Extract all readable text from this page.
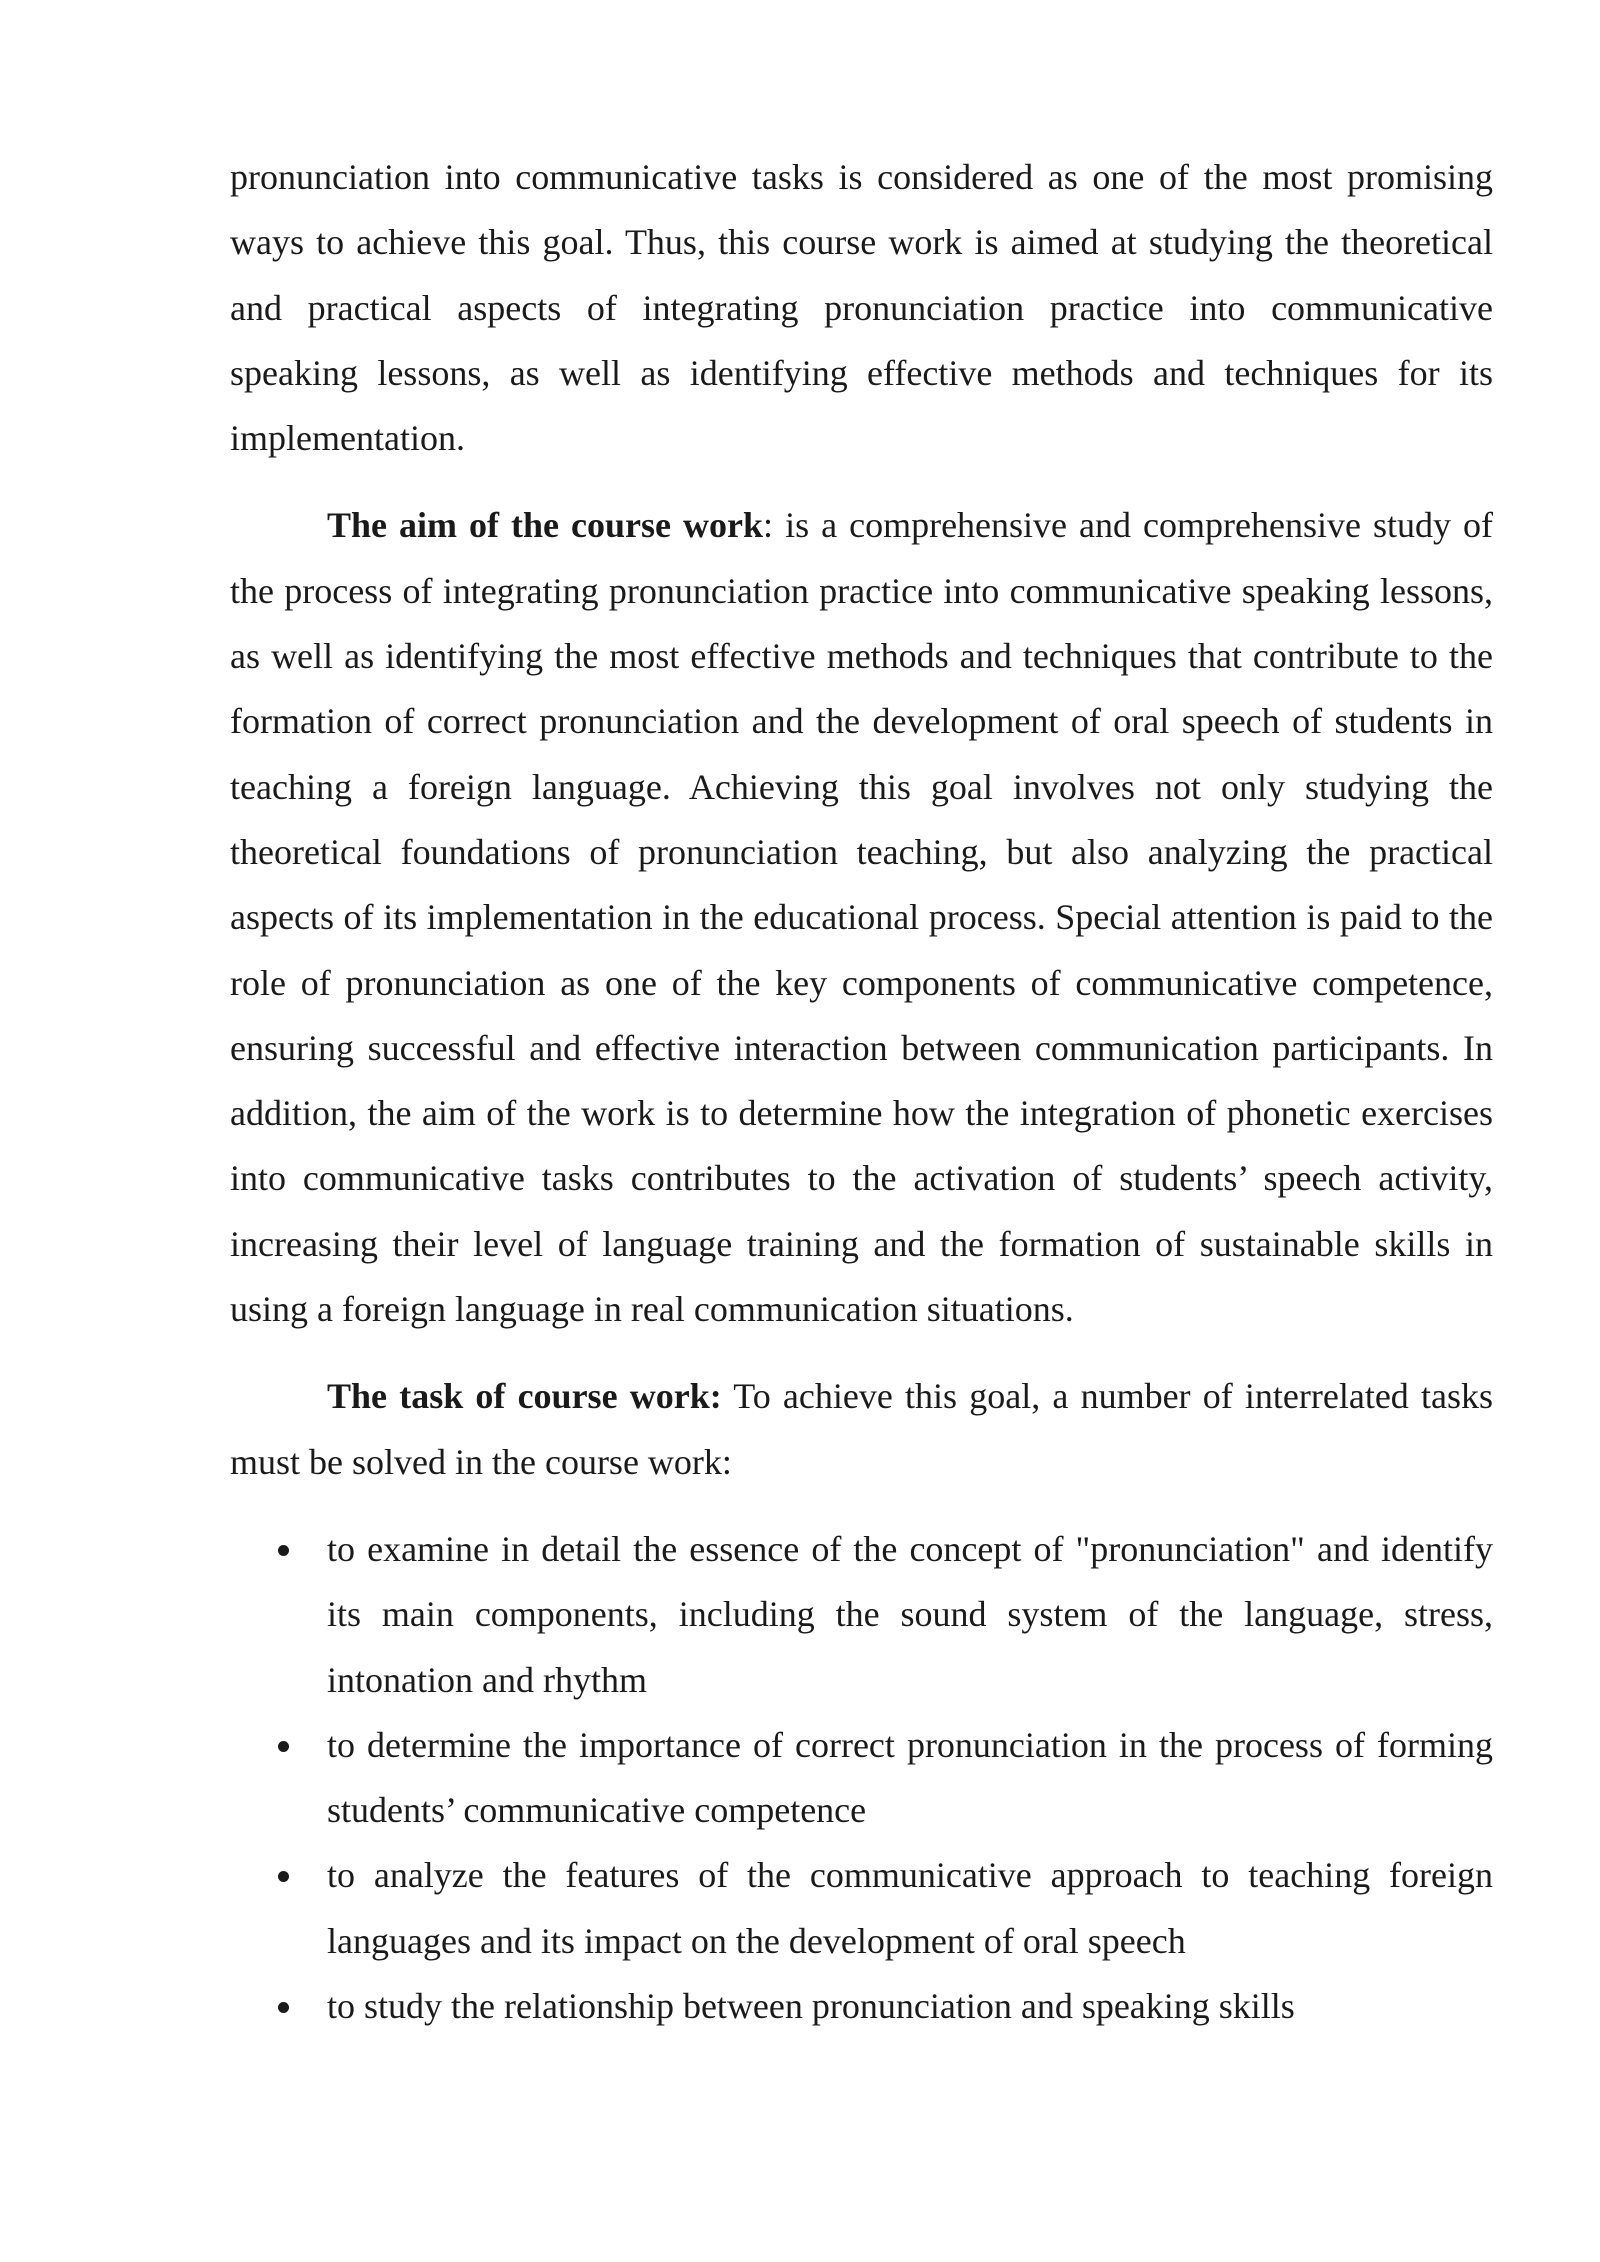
pronunciation into communicative tasks is considered as one of the most promising ways to achieve this goal. Thus, this course work is aimed at studying the theoretical and practical aspects of integrating pronunciation practice into communicative speaking lessons, as well as identifying effective methods and techniques for its implementation.

The aim of the course work: is a comprehensive and comprehensive study of the process of integrating pronunciation practice into communicative speaking lessons, as well as identifying the most effective methods and techniques that contribute to the formation of correct pronunciation and the development of oral speech of students in teaching a foreign language. Achieving this goal involves not only studying the theoretical foundations of pronunciation teaching, but also analyzing the practical aspects of its implementation in the educational process. Special attention is paid to the role of pronunciation as one of the key components of communicative competence, ensuring successful and effective interaction between communication participants. In addition, the aim of the work is to determine how the integration of phonetic exercises into communicative tasks contributes to the activation of students’ speech activity, increasing their level of language training and the formation of sustainable skills in using a foreign language in real communication situations.

The task of course work: To achieve this goal, a number of interrelated tasks must be solved in the course work:

to examine in detail the essence of the concept of "pronunciation" and identify its main components, including the sound system of the language, stress, intonation and rhythm
to determine the importance of correct pronunciation in the process of forming students’ communicative competence
to analyze the features of the communicative approach to teaching foreign languages and its impact on the development of oral speech
to study the relationship between pronunciation and speaking skills
